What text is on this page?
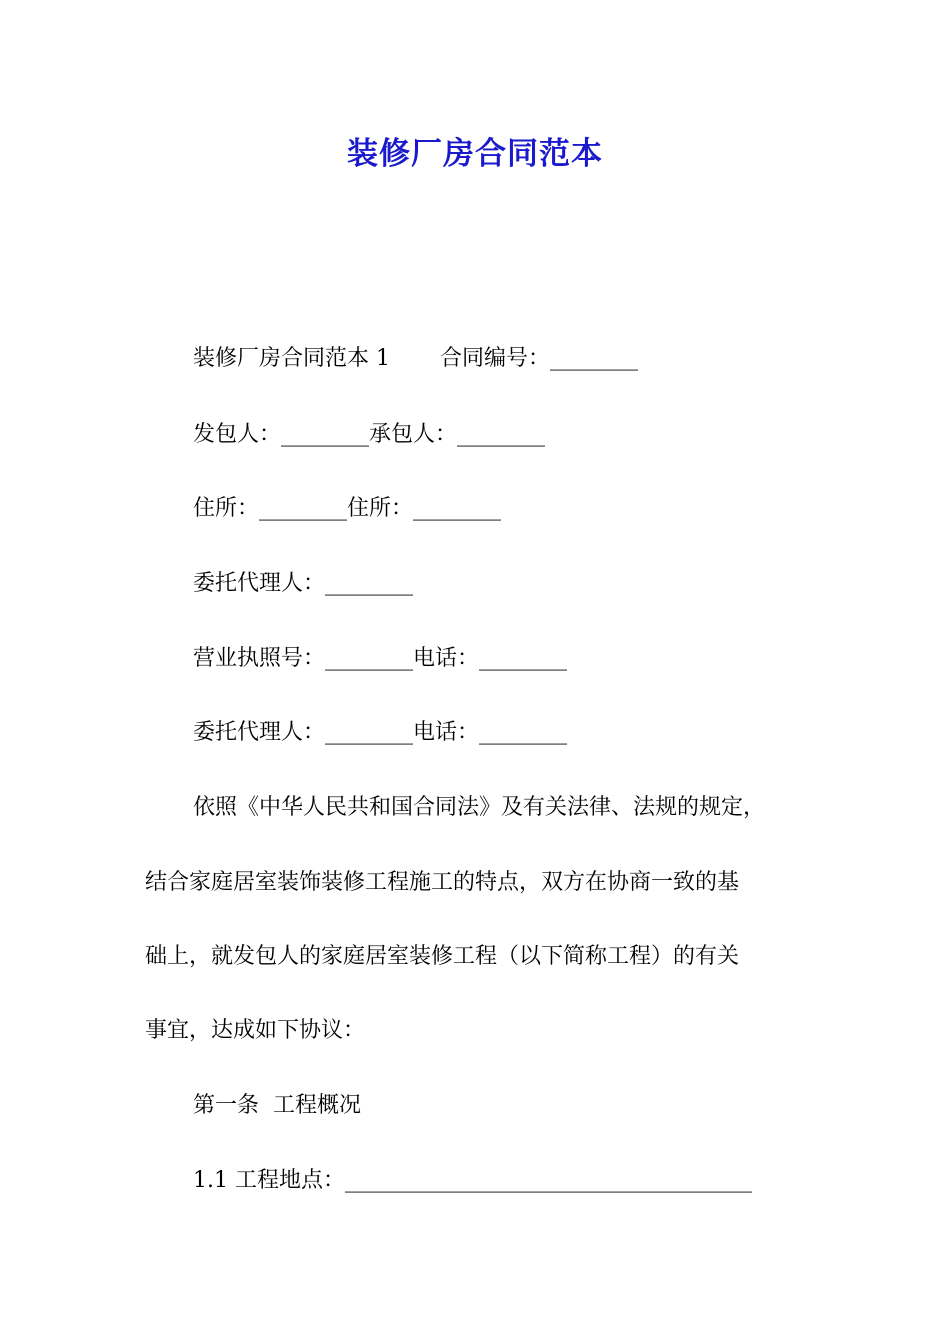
装修厂房合同范本
装修厂房合同范本 1 合同编号：________
发包人：________承包人：________
住所：________住所：________
委托代理人：________
营业执照号：________电话：________
委托代理人：________电话：________
依照《中华人民共和国合同法》及有关法律、法规的规定，
结合家庭居室装饰装修工程施工的特点，双方在协商一致的基
础上，就发包人的家庭居室装修工程（以下简称工程）的有关
事宜，达成如下协议：
第一条  工程概况
1.1 工程地点：_____________________________________
